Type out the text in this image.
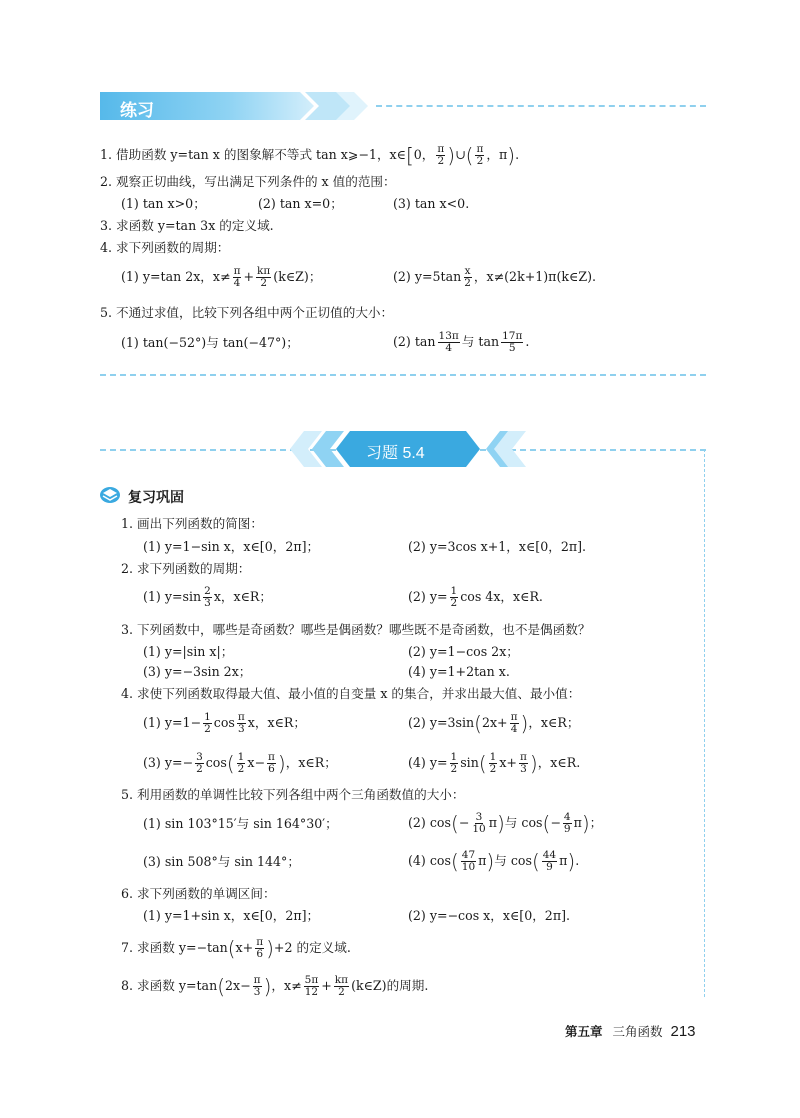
练习
1. 借助函数 y=tan x 的图象解不等式 tan x⩾−1，x∈[0， $\frac{\pi}{2}$ )∪( $\frac{\pi}{2}$ ，π).
2. 观察正切曲线，写出满足下列条件的 x 值的范围：
(1) tan x>0；	(2) tan x=0；	(3) tan x<0.
3. 求函数 y=tan 3x 的定义域.
4. 求下列函数的周期：
(1) y=tan 2x，$x\ne \frac{\pi}{4} + \frac{k\pi}{2}$ (k∈Z)；	(2) $y=5\tan \frac{x}{2}$ ，x≠(2k+1)π(k∈Z).
5. 不通过求值，比较下列各组中两个正切值的大小：
(1) tan(−52°)与 tan(−47°)；	(2) $\tan \frac{13\pi}{4}$ 与 $\tan \frac{17\pi}{5}$ .
习题 5.4
复习巩固
1. 画出下列函数的简图：
(1) y=1−sin x，x∈[0，2π]；	(2) y=3cos x+1，x∈[0，2π].
2. 求下列函数的周期：
(1) $y=\sin \frac{2}{3}$ x，x∈R；	(2) $y= \frac{1}{2}$ cos 4x，x∈R.
3. 下列函数中，哪些是奇函数？哪些是偶函数？哪些既不是奇函数，也不是偶函数？
(1) y=|sin x|；	(2) y=1−cos 2x；
(3) y=−3sin 2x；	(4) y=1+2tan x.
4. 求使下列函数取得最大值、最小值的自变量 x 的集合，并求出最大值、最小值：
(1) $y=1- \frac{1}{2}$ $\cos \frac{\pi}{3}$ x，x∈R；	(2) $y=3\sin(2x+ \frac{\pi}{4}$ )，x∈R；
(3) $y=- \frac{3}{2} \cos( \frac{1}{2} x- \frac{\pi}{6}$ )，x∈R；	(4) $y= \frac{1}{2} \sin( \frac{1}{2} x+ \frac{\pi}{3}$ )，x∈R.
5. 利用函数的单调性比较下列各组中两个三角函数值的大小：
(1) sin 103°15′与 sin 164°30′；	(2) $\cos(- \frac{3}{10} \pi)$与 $\cos(- \frac{4}{9} \pi)$；
(3) sin 508°与 sin 144°；	(4) $\cos( \frac{47}{10} \pi)$与 $\cos( \frac{44}{9} \pi)$.
6. 求下列函数的单调区间：
(1) y=1+sin x，x∈[0，2π]；	(2) y=−cos x，x∈[0，2π].
7. 求函数 $y=-\tan(x+ \frac{\pi}{6} )+2$ 的定义域.
8. 求函数 $y=\tan(2x- \frac{\pi}{3}$ )，$x\ne \frac{5\pi}{12} + \frac{k\pi}{2}$ (k∈Z)的周期.
第五章 三角函数 213
